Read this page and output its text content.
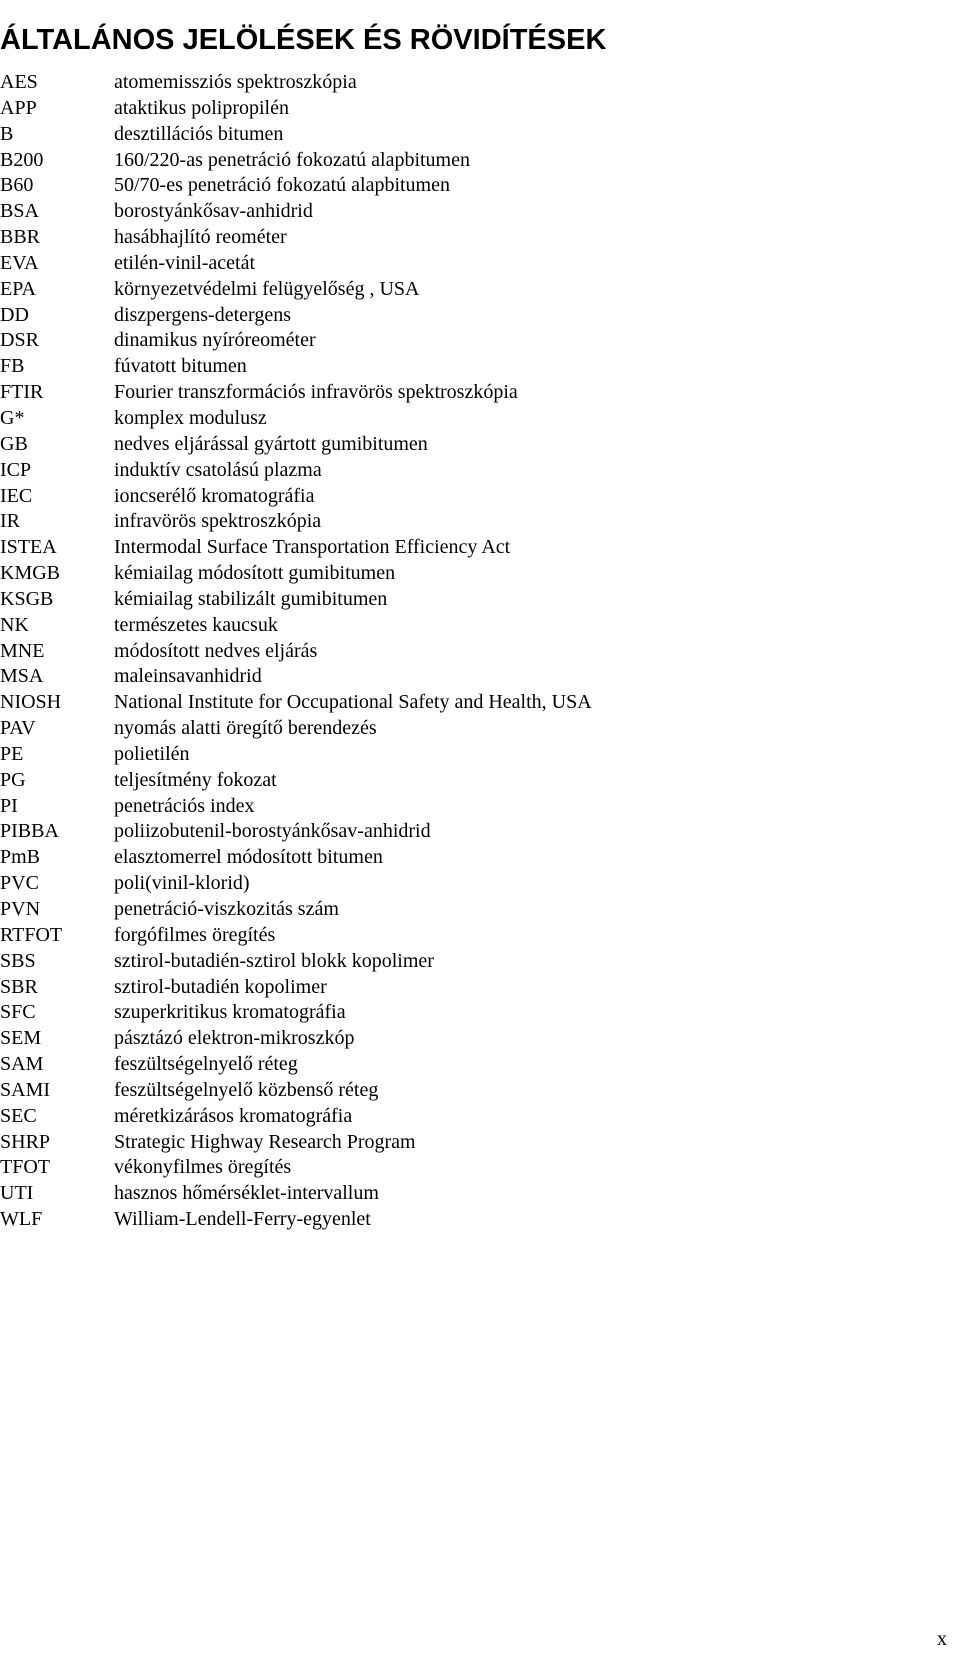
ÁLTALÁNOS JELÖLÉSEK ÉS RÖVIDÍTÉSEK
AES	atomemissziós spektroszkópia
APP	ataktikus polipropilén
B	desztillációs bitumen
B200	160/220-as penetráció fokozatú alapbitumen
B60	50/70-es penetráció fokozatú alapbitumen
BSA	borostyánkősav-anhidrid
BBR	hasábhajlító reométer
EVA	etilén-vinil-acetát
EPA	környezetvédelmi felügyelőség , USA
DD	diszpergens-detergens
DSR	dinamikus nyíróreométer
FB	fúvatott bitumen
FTIR	Fourier transzformációs infravörös spektroszkópia
G*	komplex modulusz
GB	nedves eljárással gyártott gumibitumen
ICP	induktív csatolású plazma
IEC	ioncserélő kromatográfia
IR	infravörös spektroszkópia
ISTEA	Intermodal Surface Transportation Efficiency Act
KMGB	kémiailag módosított gumibitumen
KSGB	kémiailag stabilizált gumibitumen
NK	természetes kaucsuk
MNE	módosított nedves eljárás
MSA	maleinsavanhidrid
NIOSH	National Institute for Occupational Safety and Health, USA
PAV	nyomás alatti öregítő berendezés
PE	polietilén
PG	teljesítmény fokozat
PI	penetrációs index
PIBBA	poliizobutenil-borostyánkősav-anhidrid
PmB	elasztomerrel módosított bitumen
PVC	poli(vinil-klorid)
PVN	penetráció-viszkozitás szám
RTFOT	forgófilmes öregítés
SBS	sztirol-butadién-sztirol blokk kopolimer
SBR	sztirol-butadién kopolimer
SFC	szuperkritikus kromatográfia
SEM	pásztázó elektron-mikroszkóp
SAM	feszültségelnyelő réteg
SAMI	feszültségelnyelő közbenső réteg
SEC	méretkizárásos kromatográfia
SHRP	Strategic Highway Research Program
TFOT	vékonyfilmes öregítés
UTI	hasznos hőmérséklet-intervallum
WLF	William-Lendell-Ferry-egyenlet
x
